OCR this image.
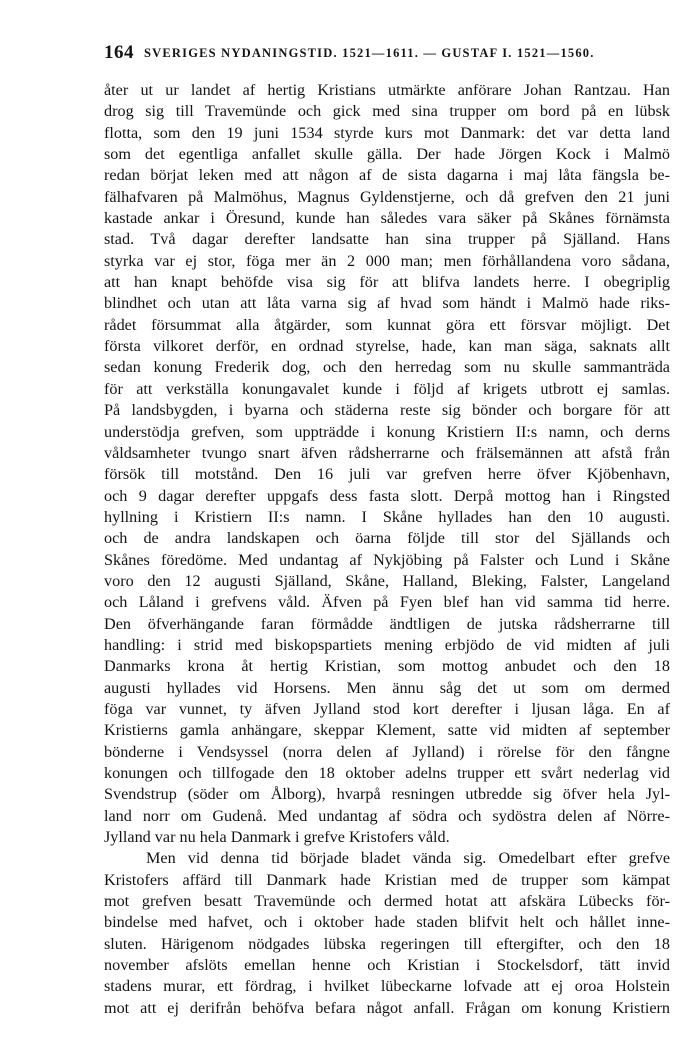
164 SVERIGES NYDANINGSTID. 1521—1611. — GUSTAF I. 1521—1560.
åter ut ur landet af hertig Kristians utmärkte anförare Johan Rantzau. Han
drog sig till Travemünde och gick med sina trupper om bord på en lübsk
flotta, som den 19 juni 1534 styrde kurs mot Danmark: det var detta land
som det egentliga anfallet skulle gälla. Der hade Jörgen Kock i Malmö
redan börjat leken med att någon af de sista dagarna i maj låta fängsla be-
fälhafvaren på Malmöhus, Magnus Gyldenstjerne, och då grefven den 21 juni
kastade ankar i Öresund, kunde han således vara säker på Skånes förnämsta
stad. Två dagar derefter landsatte han sina trupper på Själland. Hans
styrka var ej stor, föga mer än 2 000 man; men förhållandena voro sådana,
att han knapt behöfde visa sig för att blifva landets herre. I obegriplig
blindhet och utan att låta varna sig af hvad som händt i Malmö hade riks-
rådet försummat alla åtgärder, som kunnat göra ett försvar möjligt. Det
första vilkoret derför, en ordnad styrelse, hade, kan man säga, saknats allt
sedan konung Frederik dog, och den herredag som nu skulle sammanträda
för att verkställa konungavalet kunde i följd af krigets utbrott ej samlas.
På landsbygden, i byarna och städerna reste sig bönder och borgare för att
understödja grefven, som uppträdde i konung Kristiern II:s namn, och derns
våldsamheter tvungo snart äfven rådsherrarne och frälsemännen att afstå från
försök till motstånd. Den 16 juli var grefven herre öfver Kjöbenhavn,
och 9 dagar derefter uppgafs dess fasta slott. Derpå mottog han i Ringsted
hyllning i Kristiern II:s namn. I Skåne hyllades han den 10 augusti.
och de andra landskapen och öarna följde till stor del Själlands och
Skånes föredöme. Med undantag af Nykjöbing på Falster och Lund i Skåne
voro den 12 augusti Själland, Skåne, Halland, Bleking, Falster, Langeland
och Låland i grefvens våld. Äfven på Fyen blef han vid samma tid herre.
Den öfverhängande faran förmådde ändtligen de jutska rådsherrarne till
handling: i strid med biskopspartiets mening erbjödo de vid midten af juli
Danmarks krona åt hertig Kristian, som mottog anbudet och den 18
augusti hyllades vid Horsens. Men ännu såg det ut som om dermed
föga var vunnet, ty äfven Jylland stod kort derefter i ljusan låga. En af
Kristierns gamla anhängare, skeppar Klement, satte vid midten af september
bönderne i Vendsyssel (norra delen af Jylland) i rörelse för den fångne
konungen och tillfogade den 18 oktober adelns trupper ett svårt nederlag vid
Svendstrup (söder om Ålborg), hvarpå resningen utbredde sig öfver hela Jyl-
land norr om Gudenå. Med undantag af södra och sydöstra delen af Nörre-
Jylland var nu hela Danmark i grefve Kristofers våld.
Men vid denna tid började bladet vända sig. Omedelbart efter grefve
Kristofers affärd till Danmark hade Kristian med de trupper som kämpat
mot grefven besatt Travemünde och dermed hotat att afskära Lübecks för-
bindelse med hafvet, och i oktober hade staden blifvit helt och hållet inne-
sluten. Härigenom nödgades lübska regeringen till eftergifter, och den 18
november afslöts emellan henne och Kristian i Stockelsdorf, tätt invid
stadens murar, ett fördrag, i hvilket lübeckarne lofvade att ej oroa Holstein
mot att ej derifrån behöfva befara något anfall. Frågan om konung Kristiern
